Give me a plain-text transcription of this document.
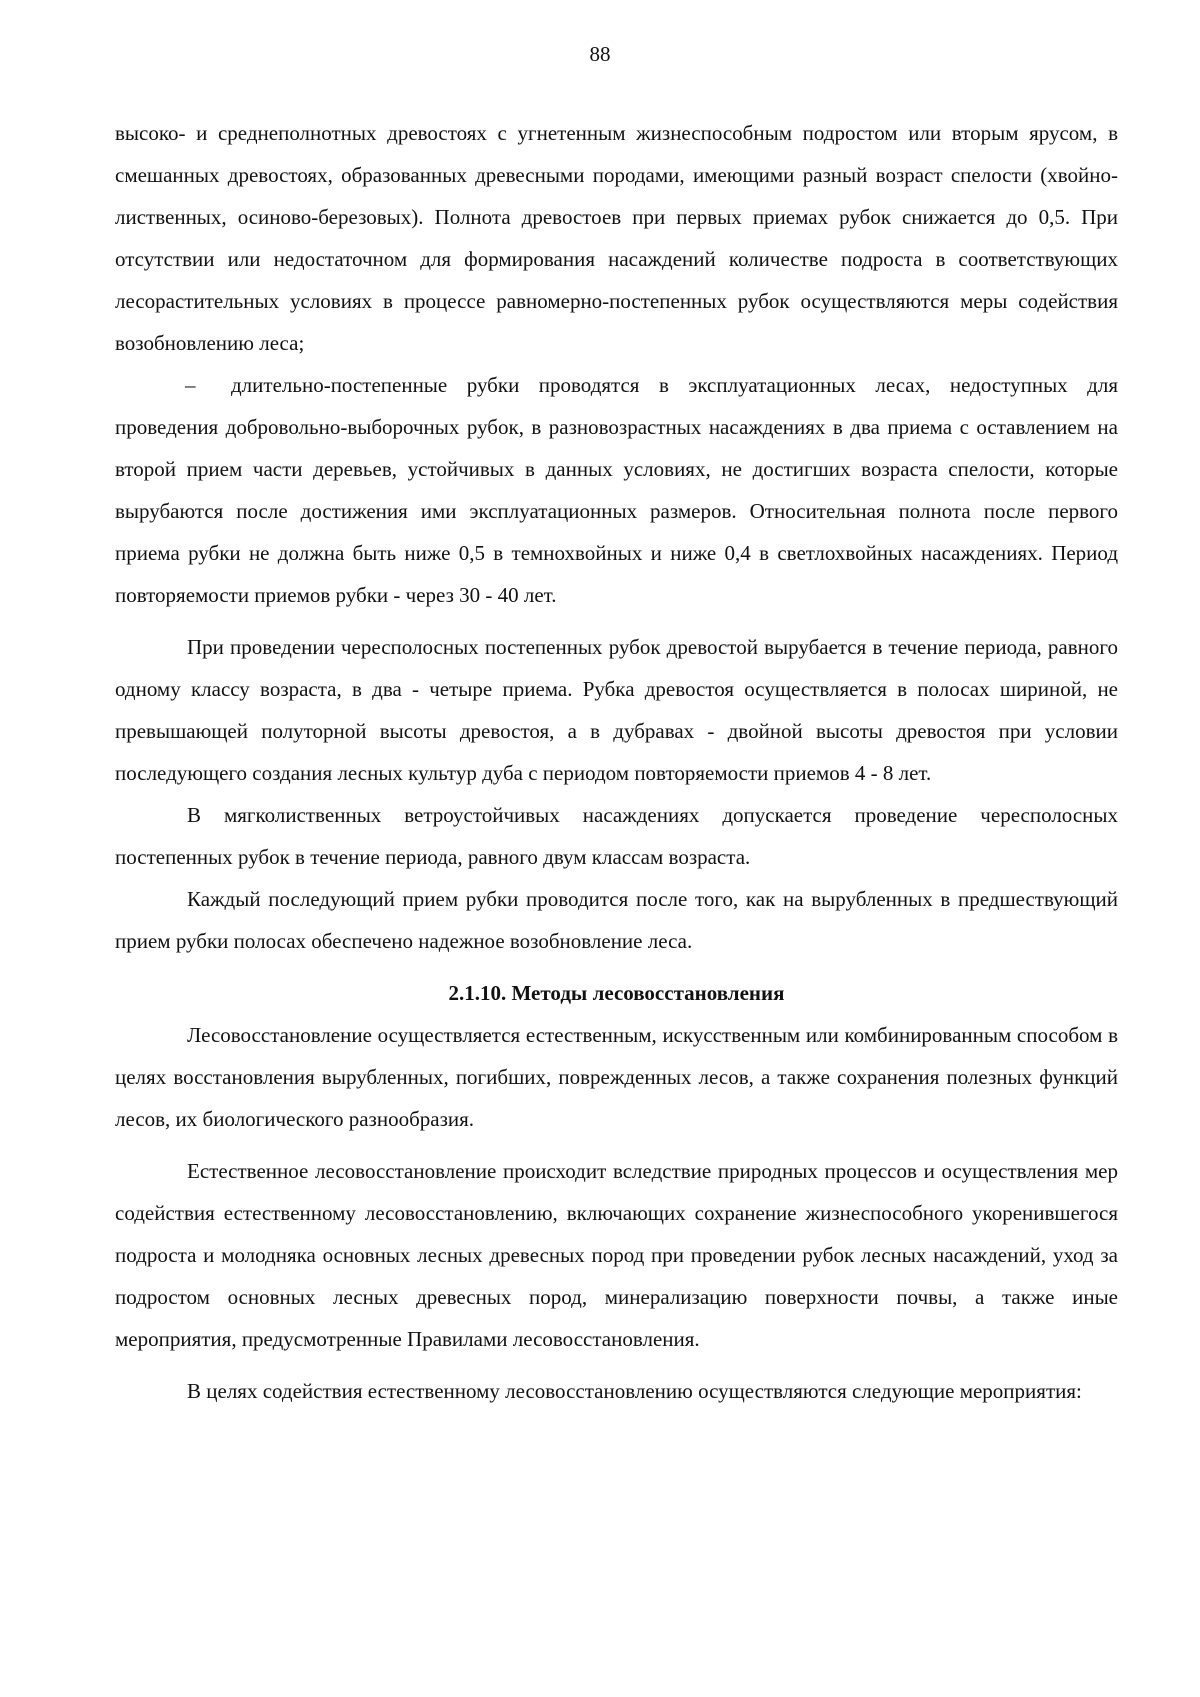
88

высоко- и среднеполнотных древостоях с угнетенным жизнеспособным подростом или вторым ярусом, в смешанных древостоях, образованных древесными породами, имеющими разный возраст спелости (хвойно-лиственных, осиново-березовых). Полнота древостоев при первых приемах рубок снижается до 0,5. При отсутствии или недостаточном для формирования насаждений количестве подроста в соответствующих лесорастительных условиях в процессе равномерно-постепенных рубок осуществляются меры содействия возобновлению леса;

– длительно-постепенные рубки проводятся в эксплуатационных лесах, недоступных для проведения добровольно-выборочных рубок, в разновозрастных насаждениях в два приема с оставлением на второй прием части деревьев, устойчивых в данных условиях, не достигших возраста спелости, которые вырубаются после достижения ими эксплуатационных размеров. Относительная полнота после первого приема рубки не должна быть ниже 0,5 в темнохвойных и ниже 0,4 в светлохвойных насаждениях. Период повторяемости приемов рубки - через 30 - 40 лет.

При проведении чересполосных постепенных рубок древостой вырубается в течение периода, равного одному классу возраста, в два - четыре приема. Рубка древостоя осуществляется в полосах шириной, не превышающей полуторной высоты древостоя, а в дубравах - двойной высоты древостоя при условии последующего создания лесных культур дуба с периодом повторяемости приемов 4 - 8 лет.

В мягколиственных ветроустойчивых насаждениях допускается проведение чересполосных постепенных рубок в течение периода, равного двум классам возраста.

Каждый последующий прием рубки проводится после того, как на вырубленных в предшествующий прием рубки полосах обеспечено надежное возобновление леса.

2.1.10. Методы лесовосстановления

Лесовосстановление осуществляется естественным, искусственным или комбинированным способом в целях восстановления вырубленных, погибших, поврежденных лесов, а также сохранения полезных функций лесов, их биологического разнообразия.

Естественное лесовосстановление происходит вследствие природных процессов и осуществления мер содействия естественному лесовосстановлению, включающих сохранение жизнеспособного укоренившегося подроста и молодняка основных лесных древесных пород при проведении рубок лесных насаждений, уход за подростом основных лесных древесных пород, минерализацию поверхности почвы, а также иные мероприятия, предусмотренные Правилами лесовосстановления.

В целях содействия естественному лесовосстановлению осуществляются следующие мероприятия:
